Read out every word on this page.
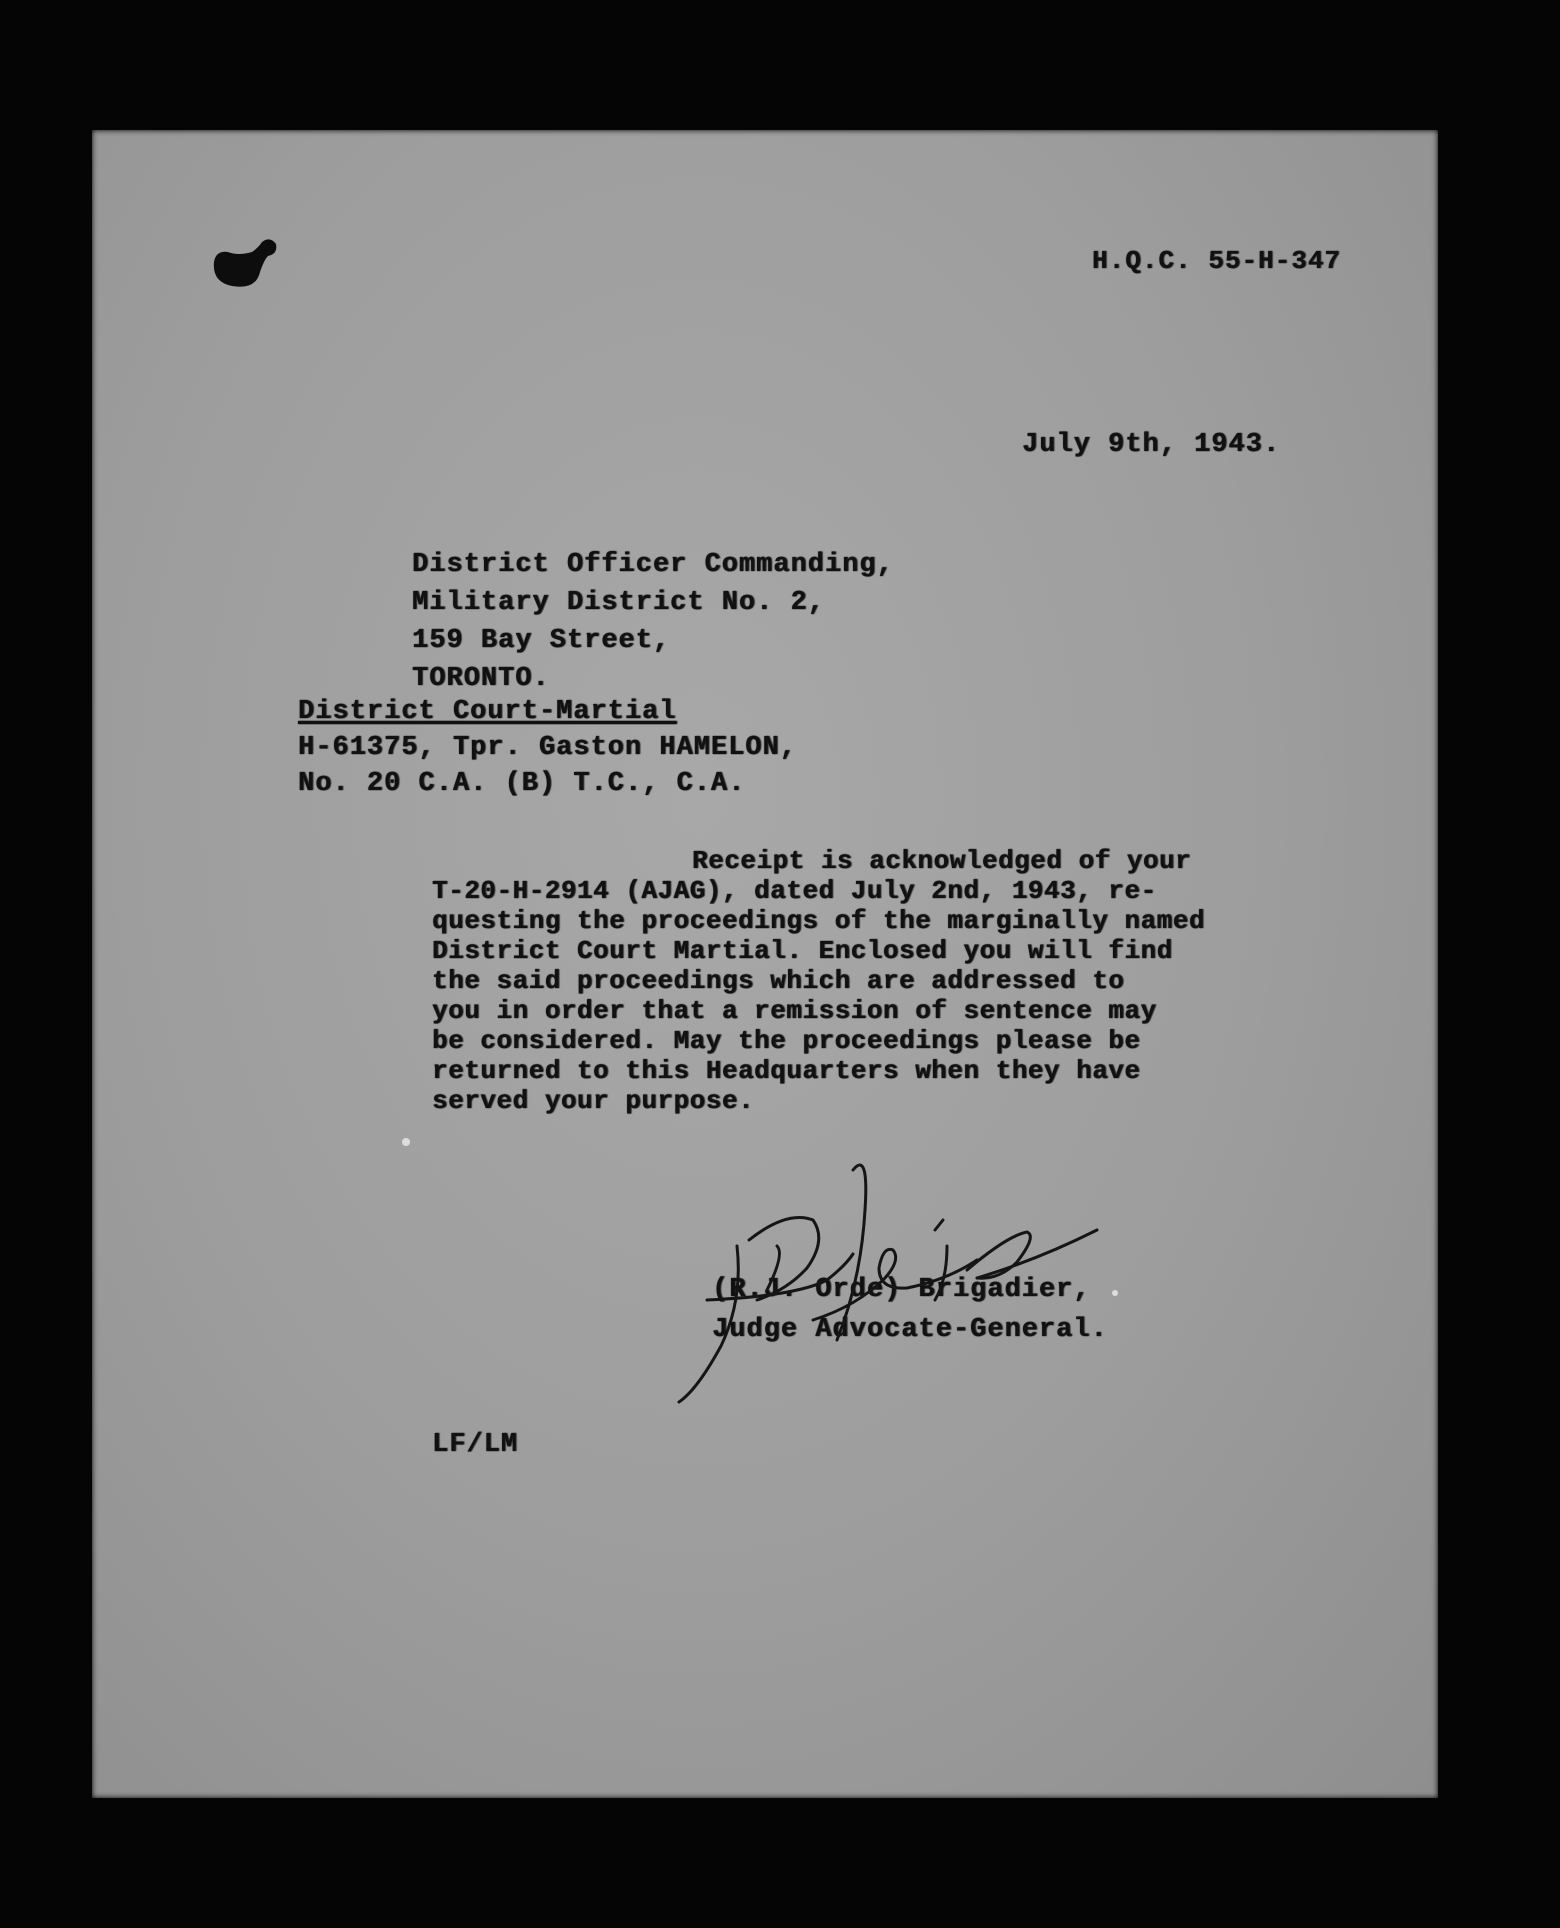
H.Q.C. 55-H-347
July 9th, 1943.
District Officer Commanding,
Military District No. 2,
159 Bay Street,
TORONTO.
District Court-Martial
H-61375, Tpr. Gaston HAMELON,
No. 20 C.A. (B) T.C., C.A.
Receipt is acknowledged of your
T-20-H-2914 (AJAG), dated July 2nd, 1943, re-
questing the proceedings of the marginally named
District Court Martial. Enclosed you will find
the said proceedings which are addressed to
you in order that a remission of sentence may
be considered. May the proceedings please be
returned to this Headquarters when they have
served your purpose.
(R.J. Orde) Brigadier,
Judge Advocate-General.
LF/LM
